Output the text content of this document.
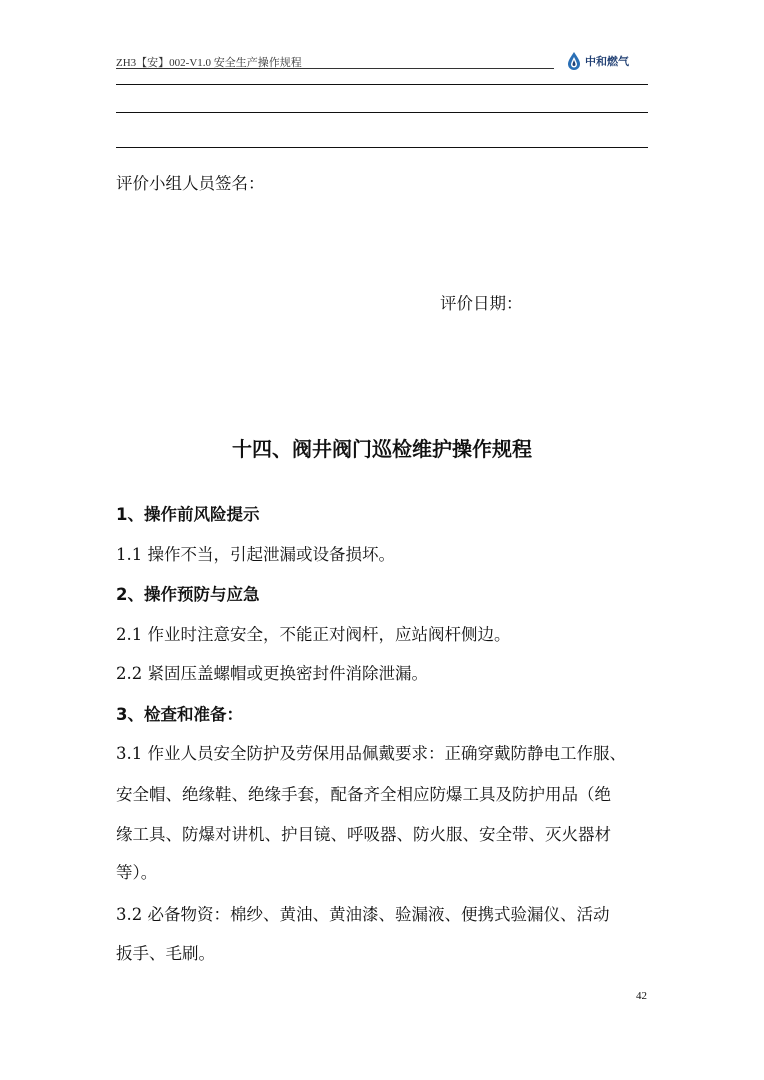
ZH3【安】002-V1.0 安全生产操作规程	中和燃气
评价小组人员签名：
评价日期：
十四、阀井阀门巡检维护操作规程
1、操作前风险提示
1.1 操作不当，引起泄漏或设备损坏。
2、操作预防与应急
2.1 作业时注意安全，不能正对阀杆，应站阀杆侧边。
2.2 紧固压盖螺帽或更换密封件消除泄漏。
3、检查和准备：
3.1 作业人员安全防护及劳保用品佩戴要求：正确穿戴防静电工作服、
安全帽、绝缘鞋、绝缘手套，配备齐全相应防爆工具及防护用品（绝
缘工具、防爆对讲机、护目镜、呼吸器、防火服、安全带、灭火器材
等）。
3.2 必备物资：棉纱、黄油、黄油漆、验漏液、便携式验漏仪、活动
扳手、毛刷。
42
